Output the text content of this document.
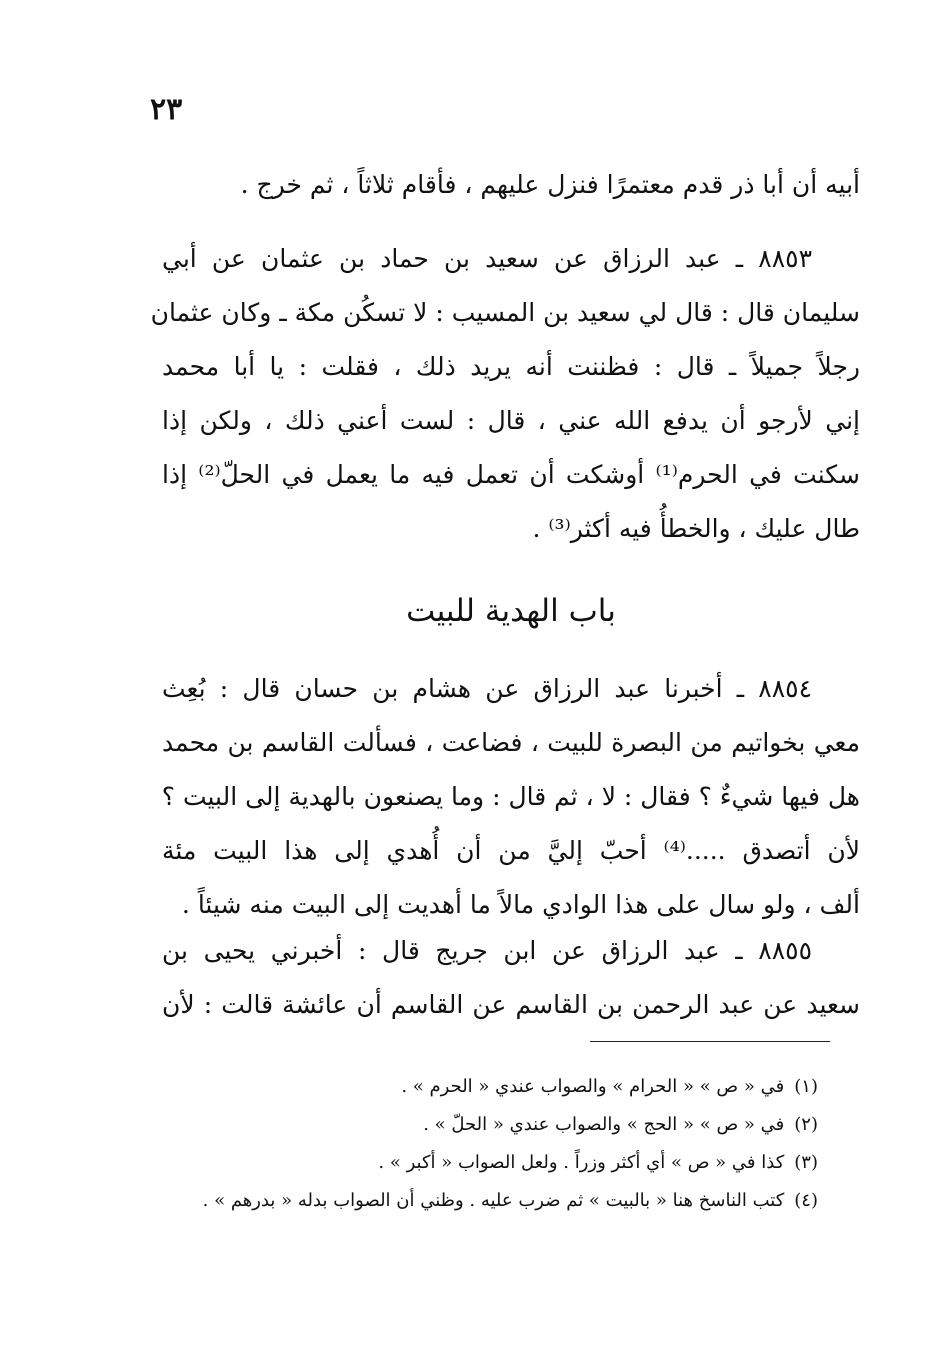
٢٣
أبيه أن أبا ذر قدم معتمرًا فنزل عليهم ، فأقام ثلاثاً ، ثم خرج .
٨٨٥٣ ـ عبد الرزاق عن سعيد بن حماد بن عثمان عن أبي
سليمان قال : قال لي سعيد بن المسيب : لا تسكُن مكة ـ وكان عثمان
رجلاً جميلاً ـ قال : فظننت أنه يريد ذلك ، فقلت : يا أبا محمد
إني لأرجو أن يدفع الله عني ، قال : لست أعني ذلك ، ولكن إذا
سكنت في الحرم⁽¹⁾ أوشكت أن تعمل فيه ما يعمل في الحلّ⁽²⁾ إذا
طال عليك ، والخطأُ فيه أكثر⁽³⁾ .
باب الهدية للبيت
٨٨٥٤ ـ أخبرنا عبد الرزاق عن هشام بن حسان قال : بُعِث
معي بخواتيم من البصرة للبيت ، فضاعت ، فسألت القاسم بن محمد
هل فيها شيءٌ ؟ فقال : لا ، ثم قال : وما يصنعون بالهدية إلى البيت ؟
لأن أتصدق .....⁽⁴⁾ أحبّ إليَّ من أن أُهدي إلى هذا البيت مئة
ألف ، ولو سال على هذا الوادي مالاً ما أهديت إلى البيت منه شيئاً .
٨٨٥٥ ـ عبد الرزاق عن ابن جريج قال : أخبرني يحيى بن
سعيد عن عبد الرحمن بن القاسم عن القاسم أن عائشة قالت : لأن
(١)في « ص » « الحرام » والصواب عندي « الحرم » .
(٢)في « ص » « الحج » والصواب عندي « الحلّ » .
(٣)كذا في « ص » أي أكثر وزراً . ولعل الصواب « أكبر » .
(٤)كتب الناسخ هنا « بالبيت » ثم ضرب عليه . وظني أن الصواب بدله « بدرهم » .
